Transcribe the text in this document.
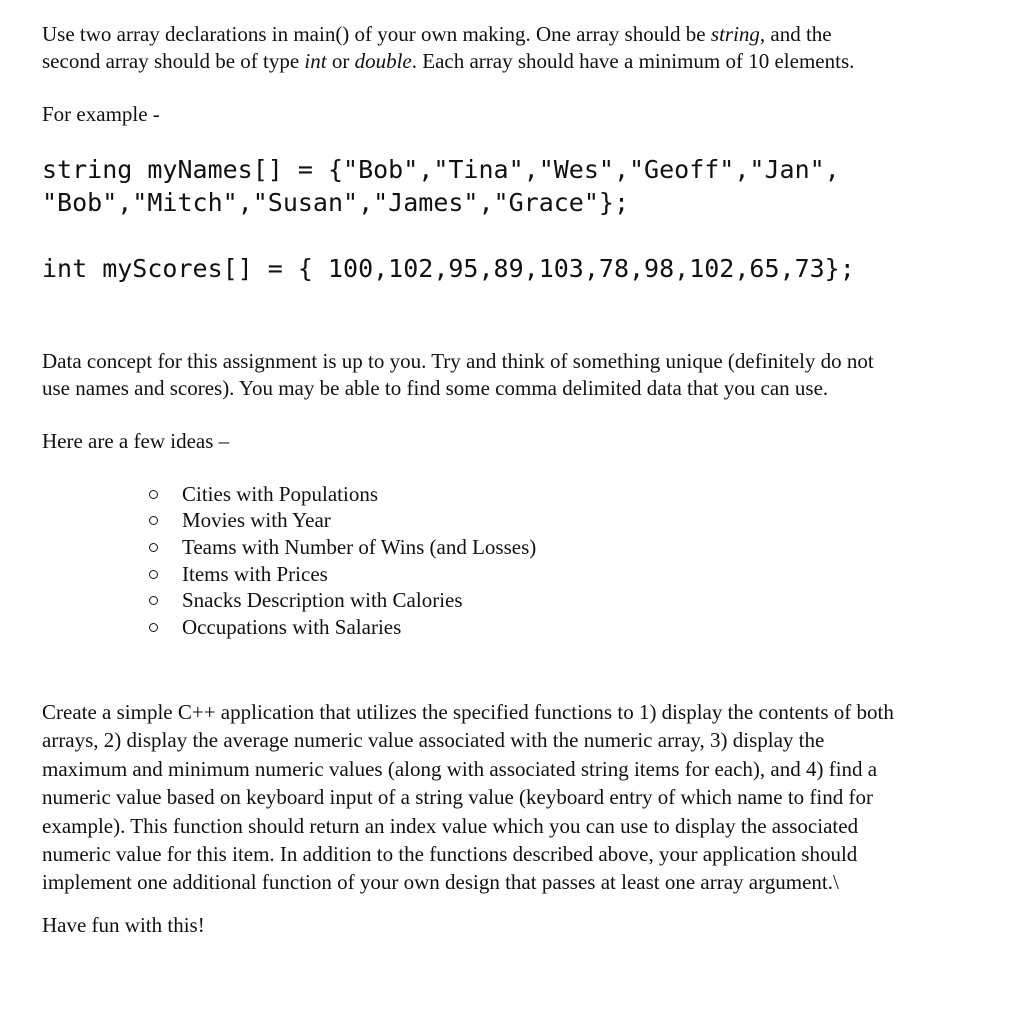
Use two array declarations in main() of your own making. One array should be string, and the
second array should be of type int or double. Each array should have a minimum of 10 elements.

For example -

string myNames[] = {"Bob","Tina","Wes","Geoff","Jan",
"Bob","Mitch","Susan","James","Grace"};
int myScores[] = { 100,102,95,89,103,78,98,102,65,73};

Data concept for this assignment is up to you. Try and think of something unique (definitely do not
use names and scores). You may be able to find some comma delimited data that you can use.

Here are a few ideas –

Cities with Populations
Movies with Year
Teams with Number of Wins (and Losses)
Items with Prices
Snacks Description with Calories
Occupations with Salaries

Create a simple C++ application that utilizes the specified functions to 1) display the contents of both
arrays, 2) display the average numeric value associated with the numeric array, 3) display the
maximum and minimum numeric values (along with associated string items for each), and 4) find a
numeric value based on keyboard input of a string value (keyboard entry of which name to find for
example). This function should return an index value which you can use to display the associated
numeric value for this item. In addition to the functions described above, your application should
implement one additional function of your own design that passes at least one array argument.\

Have fun with this!
